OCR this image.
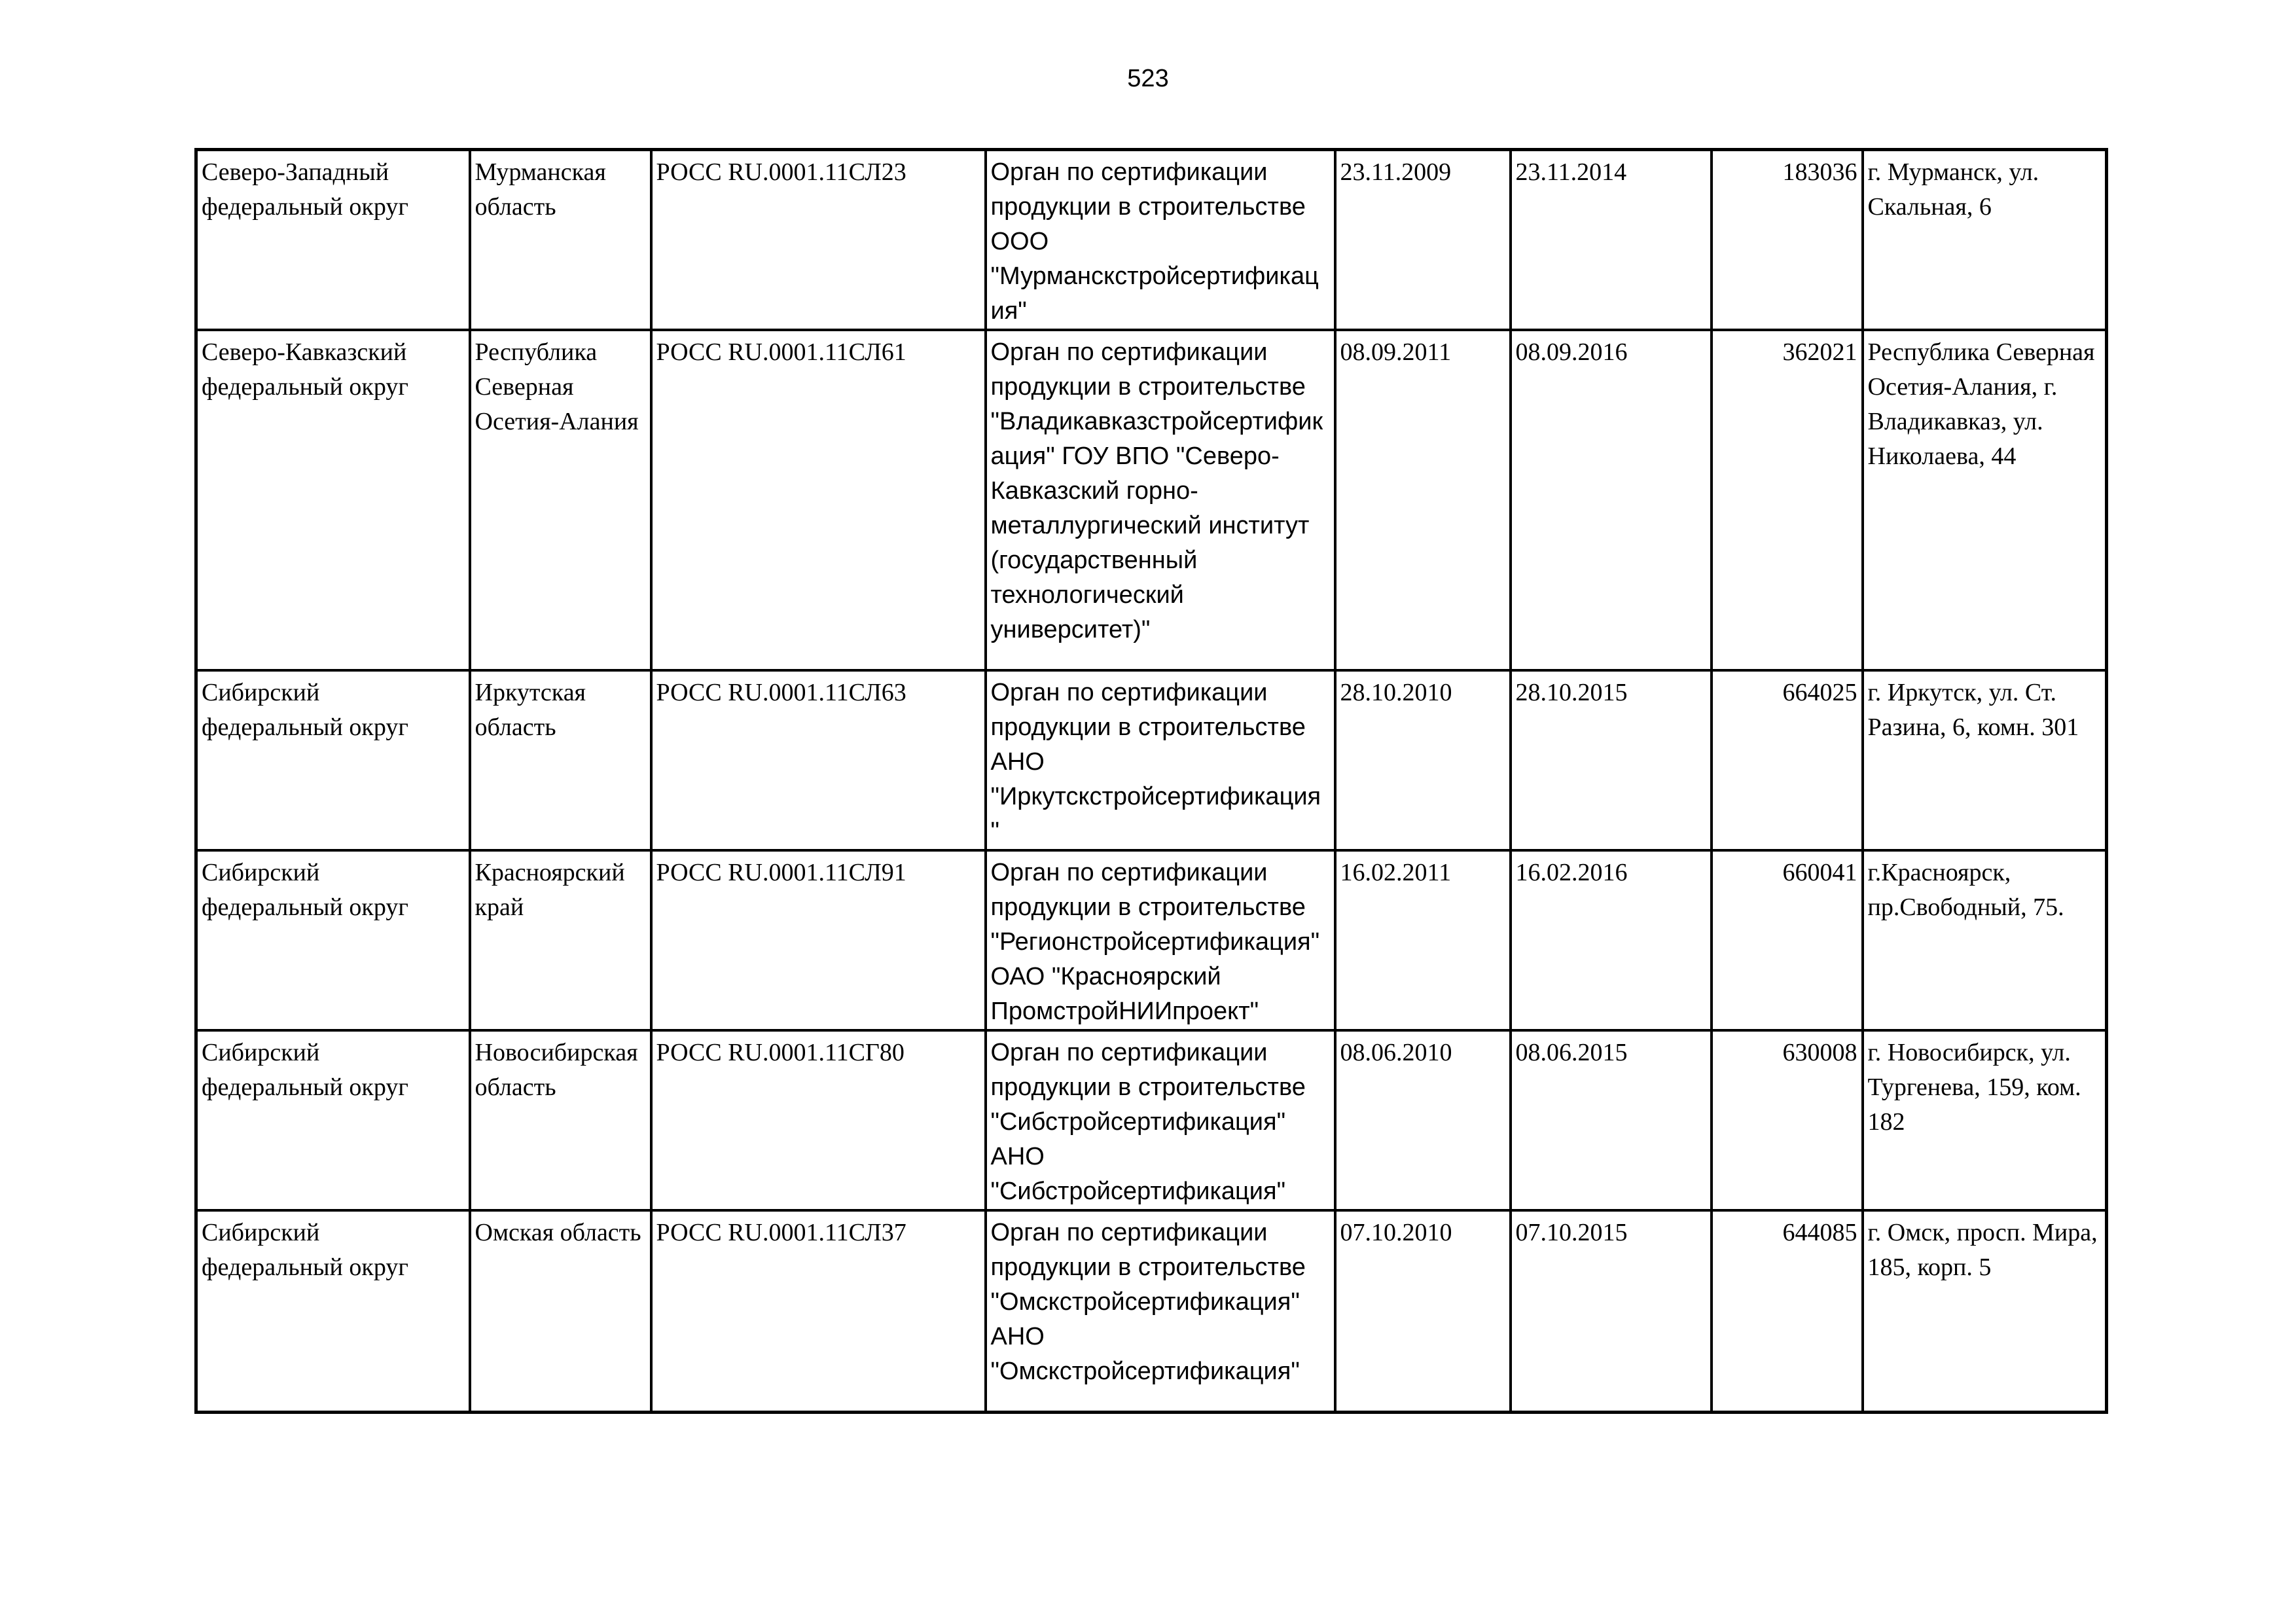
523
Северо-Западный федеральный округ	Мурманская область	РОСС RU.0001.11СЛ23	Орган по сертификации продукции в строительстве ООО "Мурманскстройсертификация"	23.11.2009	23.11.2014	183036	г. Мурманск, ул. Скальная, 6
Северо-Кавказский федеральный округ	Республика Северная Осетия-Алания	РОСС RU.0001.11СЛ61	Орган по сертификации продукции в строительстве "Владикавказстройсертификация" ГОУ ВПО "Северо-Кавказский горно-металлургический институт (государственный технологический университет)"	08.09.2011	08.09.2016	362021	Республика Северная Осетия-Алания, г. Владикавказ, ул. Николаева, 44
Сибирский федеральный округ	Иркутская область	РОСС RU.0001.11СЛ63	Орган по сертификации продукции в строительстве АНО "Иркутскстройсертификация"	28.10.2010	28.10.2015	664025	г. Иркутск, ул. Ст. Разина, 6, комн. 301
Сибирский федеральный округ	Красноярский край	РОСС RU.0001.11СЛ91	Орган по сертификации продукции в строительстве "Регионстройсертификация" ОАО "Красноярский ПромстройНИИпроект"	16.02.2011	16.02.2016	660041	г.Красноярск, пр.Свободный, 75.
Сибирский федеральный округ	Новосибирская область	РОСС RU.0001.11СГ80	Орган по сертификации продукции в строительстве "Сибстройсертификация" АНО "Сибстройсертификация"	08.06.2010	08.06.2015	630008	г. Новосибирск, ул. Тургенева, 159, ком. 182
Сибирский федеральный округ	Омская область	РОСС RU.0001.11СЛ37	Орган по сертификации продукции в строительстве "Омскстройсертификация" АНО "Омскстройсертификация"	07.10.2010	07.10.2015	644085	г. Омск, просп. Мира, 185, корп. 5
